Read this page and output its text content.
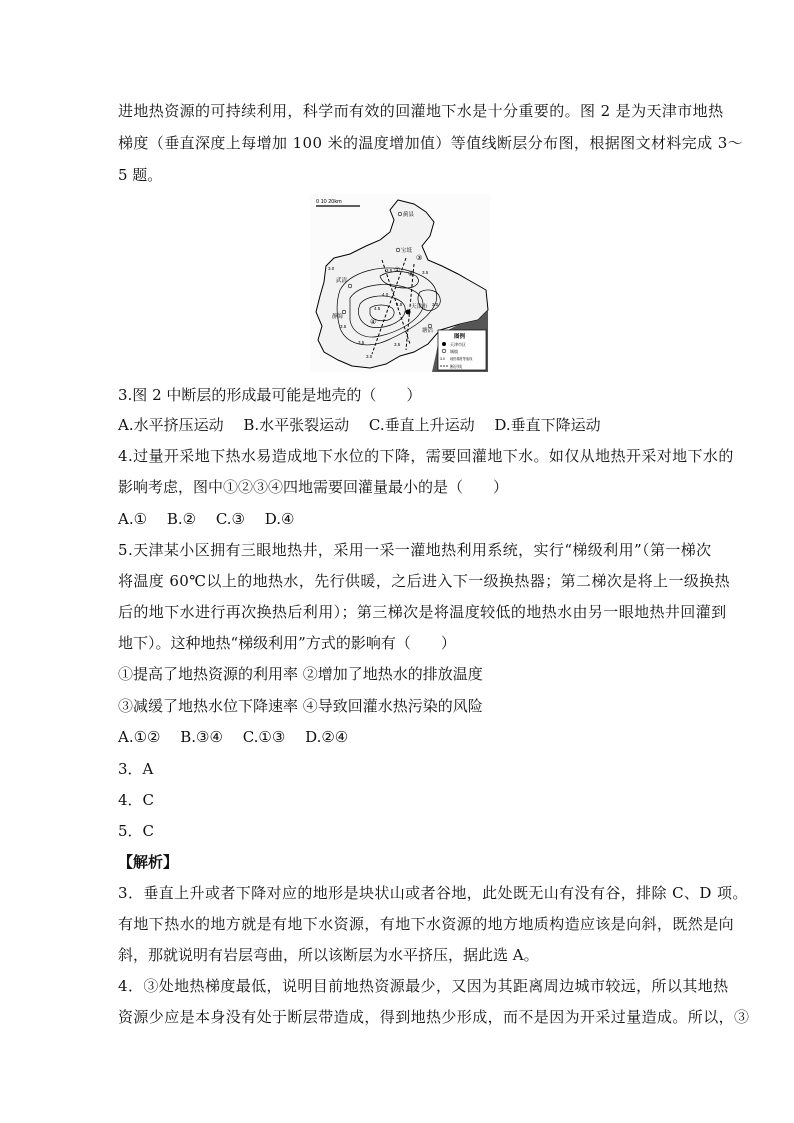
进地热资源的可持续利用，科学而有效的回灌地下水是十分重要的。图 2 是为天津市地热
梯度（垂直深度上每增加 100 米的温度增加值）等值线断层分布图，根据图文材料完成 3～
5 题。
0 10 20km
蓟县
宝坻
武清
天津市
塘沽
静海
3.0	3.5	3.5
4.0
4.5
4.5
3.5
3.5
3.0
3.5
3.0
① ②
③
④
图例
天津市区
城镇
3.0 地热梯度等值线
断层线
3.图 2 中断层的形成最可能是地壳的（　　）
A.水平挤压运动　 B.水平张裂运动　 C.垂直上升运动　 D.垂直下降运动
4.过量开采地下热水易造成地下水位的下降，需要回灌地下水。如仅从地热开采对地下水的
影响考虑，图中①②③④四地需要回灌量最小的是（　　）
A.①　 B.②　 C.③　 D.④
5.天津某小区拥有三眼地热井，采用一采一灌地热利用系统，实行“梯级利用”（第一梯次
将温度 60℃以上的地热水，先行供暖，之后进入下一级换热器；第二梯次是将上一级换热
后的地下水进行再次换热后利用）；第三梯次是将温度较低的地热水由另一眼地热井回灌到
地下）。这种地热“梯级利用”方式的影响有（　　）
①提高了地热资源的利用率 ②增加了地热水的排放温度
③减缓了地热水位下降速率 ④导致回灌水热污染的风险
A.①②　 B.③④　 C.①③　 D.②④
3．A
4．C
5．C
【解析】
3．垂直上升或者下降对应的地形是块状山或者谷地，此处既无山有没有谷，排除 C、D 项。
有地下热水的地方就是有地下水资源，有地下水资源的地方地质构造应该是向斜，既然是向
斜，那就说明有岩层弯曲，所以该断层为水平挤压，据此选 A。
4．③处地热梯度最低，说明目前地热资源最少，又因为其距离周边城市较远，所以其地热
资源少应是本身没有处于断层带造成，得到地热少形成，而不是因为开采过量造成。所以，③
